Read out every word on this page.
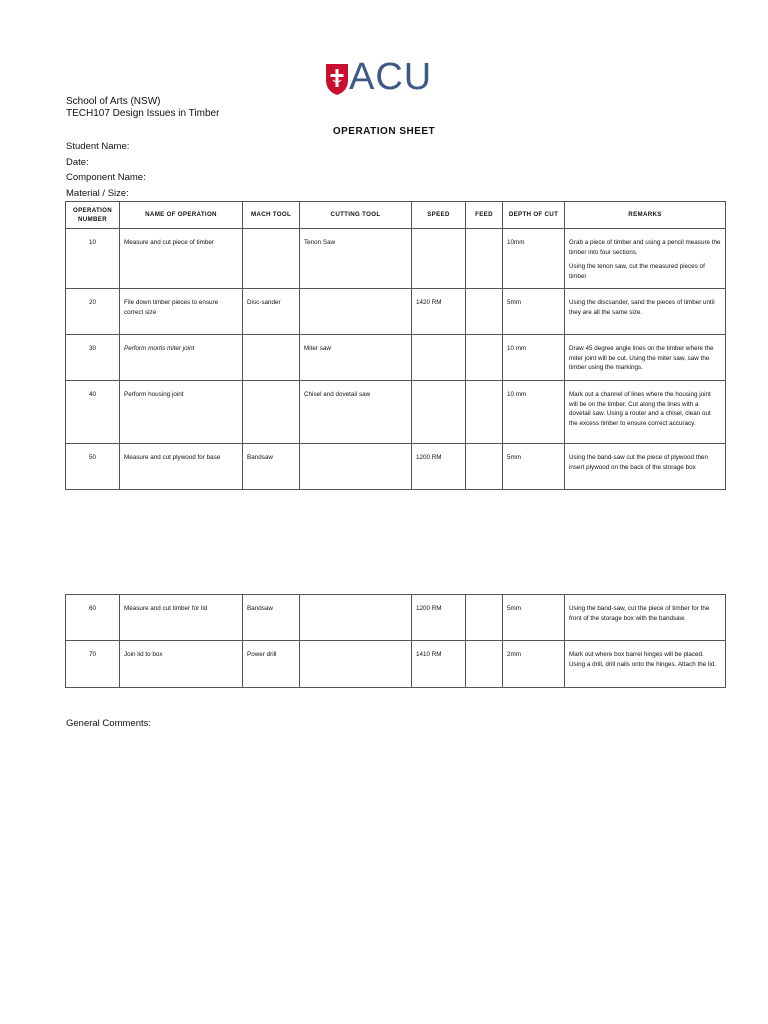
ACU
School of Arts (NSW)
TECH107 Design Issues in Timber
OPERATION SHEET
Student Name:
Date:
Component Name:
Material / Size:
OPERATION NUMBER	NAME OF OPERATION	MACH TOOL	CUTTING TOOL	SPEED	FEED	DEPTH OF CUT	REMARKS
10	Measure and cut piece of timber		Tenon Saw			10mm	Grab a piece of timber and using a pencil measure the timber into four sections.
Using the tenon saw, cut the measured pieces of timber

20	File down timber pieces to ensure correct size	Disc-sander		1420 RM		5mm	Using the discsander, sand the pieces of timber until they are all the same size.
30	Perform mortis miter joint		Miter saw			10 mm	Draw 45 degree angle lines on the timber where the miter joint will be cut. Using the miter saw, saw the timber using the markings.
40	Perform housing joint		Chisel and dovetail saw			10 mm	Mark out a channel of lines where the housing joint will be on the timber. Cut along the lines with a dovetail saw. Using a router and a chisel, clean out the excess timber to ensure correct accuracy.
50	Measure and cut plywood for base	Bandsaw		1200 RM		5mm	Using the band-saw cut the piece of plywood then insert plywood on the back of the storage box
60	Measure and cut timber for lid	Bandsaw		1200 RM		5mm	Using the band-saw, cut the piece of timber for the front of the storage box with the bandsaw.
70	Join lid to box	Power drill		1410 RM		2mm	Mark out where box barrel hinges will be placed. Using a drill, drill nails onto the hinges. Attach the lid.
General Comments:
